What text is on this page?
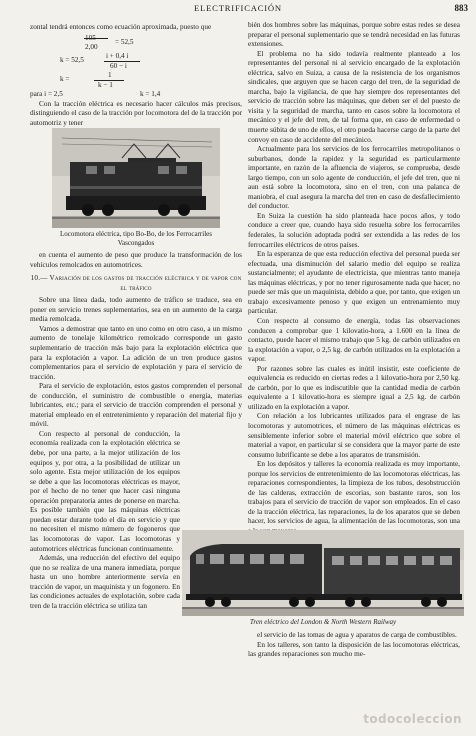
ELECTRIFICACIÓN	883

zontal tendrá entonces como ecuación aproximada, puesto que

105	= 52,5
2,00
k = 52,5	i + 0,4 i
60 − i
k =	1
k − 1
para i = 2,5	k = 1,4

Con la tracción eléctrica es necesario hacer cálculos más precisos, distinguiendo el caso de la tracción por locomotora del de la tracción por automotriz y tener

Locomotora eléctrica, tipo Bo-Bo, de los Ferrocarriles
Vascongados

en cuenta el aumento de peso que produce la transformación de los vehículos remolcados en automotrices.

10.— Variación de los gastos de tracción eléctrica y de vapor con el tráfico

Sobre una línea dada, todo aumento de tráfico se traduce, sea en poner en servicio trenes suplementarios, sea en un aumento de la carga media remolcada.

Vamos a demostrar que tanto en uno como en otro caso, a un mismo aumento de tonelaje kilométrico remolcado corresponde un gasto suplementario de tracción más bajo para la explotación eléctrica que para la explotación a vapor. La adición de un tren produce gastos complementarios para el servicio de explotación y para el servicio de tracción.

Para el servicio de explotación, estos gastos comprenden el personal de conducción, el suministro de combustible o energía, materias lubricantes, etc.; para el servicio de tracción comprenden el personal y material empleado en el entretenimiento y reparación del material fijo y móvil.

Con respecto al personal de conducción, la economía realizada con la explotación eléctrica se debe, por una parte, a la mejor utilización de los equipos y, por otra, a la posibilidad de utilizar un solo agente. Esta mejor utilización de los equipos se debe a que las locomotoras eléctricas es mayor, por el hecho de no tener que hacer casi ninguna operación preparatoria antes de ponerse en marcha. Es posible también que las máquinas eléctricas puedan estar durante todo el día en servicio y que no necesiten el mismo número de fogoneros que las locomotoras de vapor. Las locomotoras y automotrices eléctricas funcionan continuamente.

Además, una reducción del efectivo del equipo que no se realiza de una manera inmediata, porque hasta un uno hombre anteriormente servía en tracción de vapor, un maquinista y un fogonero. En las condiciones actuales de explotación, sobre cada tren de la tracción eléctrica se utiliza tan

bién dos hombres sobre las máquinas, porque sobre estas redes se desea preparar el personal suplementario que se tendrá necesidad en las futuras extensiones.

El problema no ha sido todavía realmente planteado a los representantes del personal ni al servicio encargado de la explotación eléctrica, salvo en Suiza, a causa de la resistencia de los organismos sindicales, que arguyen que se hacen cargo del tren, de la seguridad de marcha, bajo la vigilancia, de que hay siempre dos representantes del servicio de tracción sobre las máquinas, que deben ser el del puesto de visita y la seguridad de marcha, tanto en casos sobre la locomotora el mecánico y el jefe del tren, de tal forma que, en caso de enfermedad o muerte súbita de uno de ellos, el otro pueda hacerse cargo de la parte del convoy en caso de accidente del mecánico.

Actualmente para los servicios de los ferrocarriles metropolitanos o suburbanos, donde la rapidez y la seguridad es particularmente importante, en razón de la afluencia de viajeros, se comprueba, desde largo tiempo, con un solo agente de conducción, el jefe del tren, que ni aun está sobre la locomotora, sino en el tren, con una palanca de maniobra, el cual asegura la marcha del tren en caso de desfallecimiento del conductor.

En Suiza la cuestión ha sido planteada hace pocos años, y todo conduce a creer que, cuando haya sido resuelta sobre los ferrocarriles federales, la solución adoptada podrá ser extendida a las redes de los ferrocarriles eléctricos de otros países.

En la esperanza de que esta reducción efectiva del personal pueda ser efectuada, una disminución del salario medio del equipo se realiza sustancialmente; el ayudante de electricista, que mientras tanto maneja las máquinas eléctricas, y por no tener rigurosamente nada que hacer, no puede ser más que un maquinista, debido a que, por tanto, que exigen un trabajo excesivamente penoso y que exigen un entrenamiento muy particular.

Con respecto al consumo de energía, todas las observaciones conducen a comprobar que 1 kilovatio-hora, a 1.600 en la línea de contacto, puede hacer el mismo trabajo que 5 kg. de carbón utilizados en la explotación a vapor, o 2,5 kg. de carbón utilizados en la explotación a vapor.

Por razones sobre las cuales es inútil insistir, este coeficiente de equivalencia es reducido en ciertas redes a 1 kilovatio-hora por 2,50 kg. de carbón, por lo que es indiscutible que la cantidad media de carbón equivalente a 1 kilovatio-hora es siempre igual a 2,5 kg. de carbón utilizado en la explotación a vapor.

Con relación a los lubricantes utilizados para el engrase de las locomotoras y automotrices, el número de las máquinas eléctricas es sensiblemente inferior sobre el material móvil eléctrico que sobre el material a vapor, en particular si se considera que la mayor parte de este consumo lubrificante se debe a los aparatos de transmisión.

En los depósitos y talleres la economía realizada es muy importante, porque los servicios de entretenimiento de las locomotoras eléctricas, las reparaciones correspondientes, la limpieza de los tubos, desobstrucción de las calderas, extracción de escorias, son bastante raros, son los trabajos para el servicio de tracción de vapor son empleados. En el caso de la tracción eléctrica, las reparaciones, la de los aparatos que se deben hacer, los servicios de agua, la alimentación de las locomotoras, son una

Tren eléctrico del London & North Western Railway

el servicio de las tomas de agua y aparatos de carga de combustibles.

En los talleres, son tanto la disposición de las locomotoras eléctricas, las grandes reparaciones son mucho me-

todocoleccion
